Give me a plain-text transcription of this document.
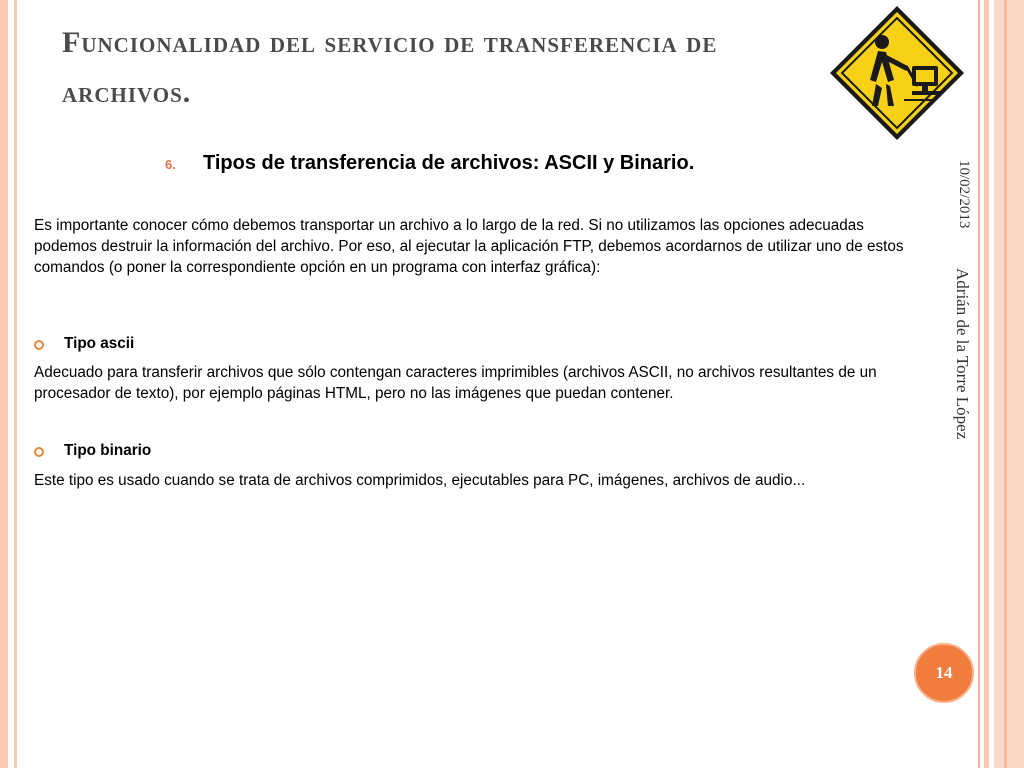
Funcionalidad del servicio de transferencia de archivos.
10/02/2013
Adrián de la Torre López
6. Tipos de transferencia de archivos: ASCII y Binario.

Es importante conocer cómo debemos transportar un archivo a lo largo de la red. Si no utilizamos las opciones adecuadas podemos destruir la información del archivo. Por eso, al ejecutar la aplicación FTP, debemos acordarnos de utilizar uno de estos comandos (o poner la correspondiente opción en un programa con interfaz gráfica):

Tipo ascii

Adecuado para transferir archivos que sólo contengan caracteres imprimibles (archivos ASCII, no archivos resultantes de un procesador de texto), por ejemplo páginas HTML, pero no las imágenes que puedan contener.

Tipo binario

Este tipo es usado cuando se trata de archivos comprimidos, ejecutables para PC, imágenes, archivos de audio...

14
